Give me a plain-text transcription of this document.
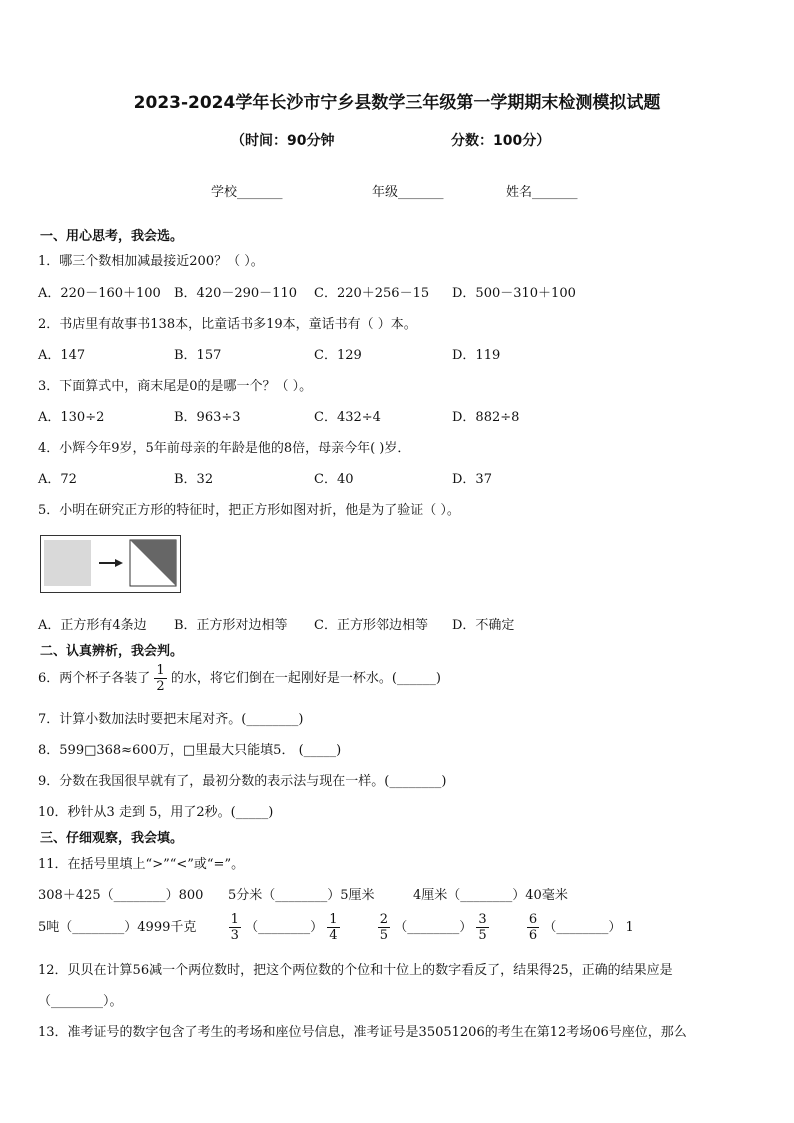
2023-2024学年长沙市宁乡县数学三年级第一学期期末检测模拟试题
（时间：90分钟	分数：100分）
学校_______	年级_______	姓名_______
一、用心思考，我会选。
1．哪三个数相加减最接近200？（ ）。
A．220－160＋100 B．420－290－110 C．220＋256－15 D．500－310＋100
2．书店里有故事书138本，比童话书多19本，童话书有（ ）本。
A．147	B．157	C．129	D．119
3．下面算式中，商末尾是0的是哪一个？（ ）。
A．130÷2	B．963÷3	C．432÷4	D．882÷8
4．小辉今年9岁，5年前母亲的年龄是他的8倍，母亲今年( )岁．
A．72	B．32	C．40	D．37
5．小明在研究正方形的特征时，把正方形如图对折，他是为了验证（ ）。
A．正方形有4条边 B．正方形对边相等 C．正方形邻边相等 D．不确定
二、认真辨析，我会判。
6．两个杯子各装了 $\frac{1}{2}$ 的水，将它们倒在一起刚好是一杯水。(______)
7．计算小数加法时要把末尾对齐。(________)
8．599□368≈600万，□里最大只能填5． (_____)
9．分数在我国很早就有了，最初分数的表示法与现在一样。(________)
10．秒针从3 走到 5，用了2秒。(_____)
三、仔细观察，我会填。
11．在括号里填上“>”“<”或“=”。
308＋425（________）800 5分米（________）5厘米	4厘米（________）40毫米
5吨（________）4999千克 $\frac{1}{3}$ （________） $\frac{1}{4}$
	$\frac{2}{5}$ （________） $\frac{3}{5}$
	$\frac{6}{6}$ （________） 1
12．贝贝在计算56减一个两位数时，把这个两位数的个位和十位上的数字看反了，结果得25，正确的结果应是
（________）。
13．准考证号的数字包含了考生的考场和座位号信息，准考证号是35051206的考生在第12考场06号座位，那么
